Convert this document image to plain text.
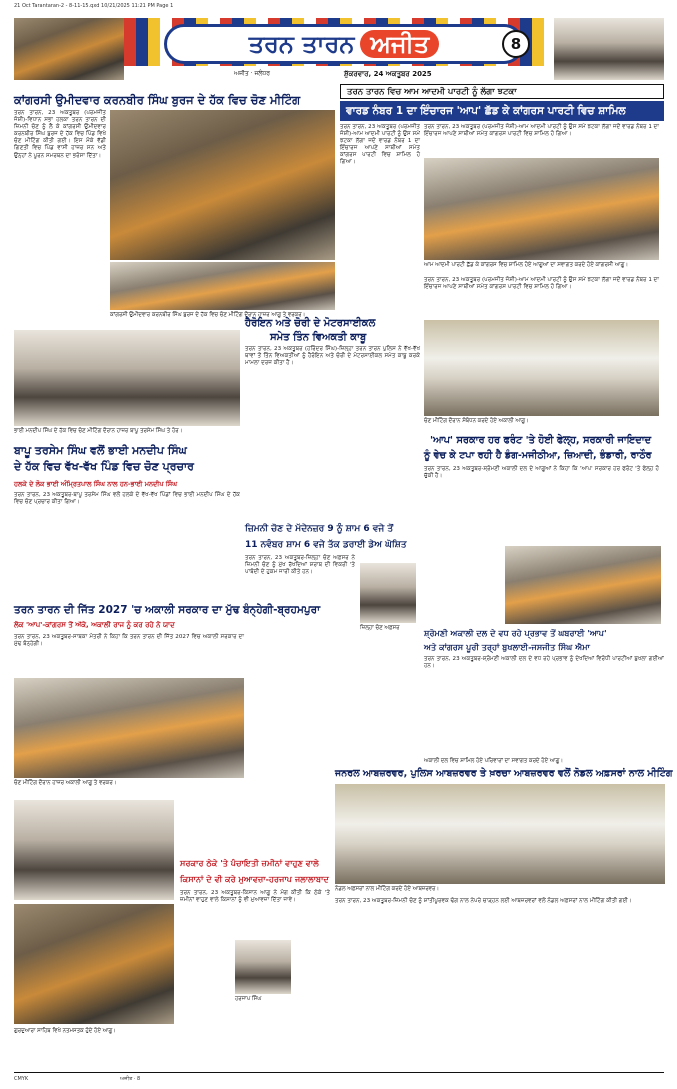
21 Oct Tarantaran-2 - 8-11-15.qxd 10/21/2025 11:21 PM Page 1
ਤਰਨ ਤਾਰਨ ਅਜੀਤ	8
ਅਜੀਤ · ਜਲੰਧਰ	ਸ਼ੁੱਕਰਵਾਰ, 24 ਅਕਤੂਬਰ 2025
ਕਾਂਗਰਸੀ ਉਮੀਦਵਾਰ ਕਰਨਬੀਰ ਸਿੰਘ ਬੁਰਜ ਦੇ ਹੱਕ ਵਿਚ ਚੋਣ ਮੀਟਿੰਗ
ਤਰਨ ਤਾਰਨ, 23 ਅਕਤੂਬਰ (ਪਰਮਜੀਤ ਜੋਸ਼ੀ)-ਵਿਧਾਨ ਸਭਾ ਹਲਕਾ ਤਰਨ ਤਾਰਨ ਦੀ ਜ਼ਿਮਨੀ ਚੋਣ ਨੂੰ ਲੈ ਕੇ ਕਾਂਗਰਸੀ ਉਮੀਦਵਾਰ ਕਰਨਬੀਰ ਸਿੰਘ ਬੁਰਜ ਦੇ ਹੱਕ ਵਿਚ ਪਿੰਡ ਵਿਖੇ ਚੋਣ ਮੀਟਿੰਗ ਕੀਤੀ ਗਈ। ਇਸ ਮੌਕੇ ਵੱਡੀ ਗਿਣਤੀ ਵਿਚ ਪਿੰਡ ਵਾਸੀ ਹਾਜ਼ਰ ਸਨ ਅਤੇ ਉਨ੍ਹਾਂ ਨੇ ਪੂਰਨ ਸਮਰਥਨ ਦਾ ਭਰੋਸਾ ਦਿੱਤਾ।
ਕਾਂਗਰਸੀ ਉਮੀਦਵਾਰ ਕਰਨਬੀਰ ਸਿੰਘ ਬੁਰਜ ਦੇ ਹੱਕ ਵਿਚ ਚੋਣ ਮੀਟਿੰਗ ਦੌਰਾਨ ਹਾਜ਼ਰ ਆਗੂ ਤੇ ਵਰਕਰ।
ਤਰਨ ਤਾਰਨ ਵਿਚ ਆਮ ਆਦਮੀ ਪਾਰਟੀ ਨੂੰ ਲੱਗਾ ਝਟਕਾ
ਵਾਰਡ ਨੰਬਰ 1 ਦਾ ਇੰਚਾਰਜ 'ਆਪ' ਛੱਡ ਕੇ ਕਾਂਗਰਸ ਪਾਰਟੀ ਵਿਚ ਸ਼ਾਮਿਲ
ਤਰਨ ਤਾਰਨ, 23 ਅਕਤੂਬਰ (ਪਰਮਜੀਤ ਜੋਸ਼ੀ)-ਆਮ ਆਦਮੀ ਪਾਰਟੀ ਨੂੰ ਉਸ ਸਮੇਂ ਝਟਕਾ ਲੱਗਾ ਜਦੋਂ ਵਾਰਡ ਨੰਬਰ 1 ਦਾ ਇੰਚਾਰਜ ਆਪਣੇ ਸਾਥੀਆਂ ਸਮੇਤ ਕਾਂਗਰਸ ਪਾਰਟੀ ਵਿਚ ਸ਼ਾਮਿਲ ਹੋ ਗਿਆ।
ਤਰਨ ਤਾਰਨ, 23 ਅਕਤੂਬਰ (ਪਰਮਜੀਤ ਜੋਸ਼ੀ)-ਆਮ ਆਦਮੀ ਪਾਰਟੀ ਨੂੰ ਉਸ ਸਮੇਂ ਝਟਕਾ ਲੱਗਾ ਜਦੋਂ ਵਾਰਡ ਨੰਬਰ 1 ਦਾ ਇੰਚਾਰਜ ਆਪਣੇ ਸਾਥੀਆਂ ਸਮੇਤ ਕਾਂਗਰਸ ਪਾਰਟੀ ਵਿਚ ਸ਼ਾਮਿਲ ਹੋ ਗਿਆ।
ਆਮ ਆਦਮੀ ਪਾਰਟੀ ਛੱਡ ਕੇ ਕਾਂਗਰਸ ਵਿਚ ਸ਼ਾਮਿਲ ਹੋਏ ਆਗੂਆਂ ਦਾ ਸਵਾਗਤ ਕਰਦੇ ਹੋਏ ਕਾਂਗਰਸੀ ਆਗੂ।
ਤਰਨ ਤਾਰਨ, 23 ਅਕਤੂਬਰ (ਪਰਮਜੀਤ ਜੋਸ਼ੀ)-ਆਮ ਆਦਮੀ ਪਾਰਟੀ ਨੂੰ ਉਸ ਸਮੇਂ ਝਟਕਾ ਲੱਗਾ ਜਦੋਂ ਵਾਰਡ ਨੰਬਰ 1 ਦਾ ਇੰਚਾਰਜ ਆਪਣੇ ਸਾਥੀਆਂ ਸਮੇਤ ਕਾਂਗਰਸ ਪਾਰਟੀ ਵਿਚ ਸ਼ਾਮਿਲ ਹੋ ਗਿਆ।
ਹੈਰੋਇਨ ਅਤੇ ਚੋਰੀ ਦੇ ਮੋਟਰਸਾਈਕਲ
ਸਮੇਤ ਤਿੰਨ ਵਿਅਕਤੀ ਕਾਬੂ
ਤਰਨ ਤਾਰਨ, 23 ਅਕਤੂਬਰ (ਹਰਿੰਦਰ ਸਿੰਘ)-ਜ਼ਿਲ੍ਹਾ ਤਰਨ ਤਾਰਨ ਪੁਲਿਸ ਨੇ ਵੱਖ-ਵੱਖ ਥਾਵਾਂ ਤੋਂ ਤਿੰਨ ਵਿਅਕਤੀਆਂ ਨੂੰ ਹੈਰੋਇਨ ਅਤੇ ਚੋਰੀ ਦੇ ਮੋਟਰਸਾਈਕਲ ਸਮੇਤ ਕਾਬੂ ਕਰਕੇ ਮਾਮਲਾ ਦਰਜ ਕੀਤਾ ਹੈ।
ਭਾਈ ਮਨਦੀਪ ਸਿੰਘ ਦੇ ਹੱਕ ਵਿਚ ਚੋਣ ਮੀਟਿੰਗ ਦੌਰਾਨ ਹਾਜ਼ਰ ਬਾਪੂ ਤਰਸੇਮ ਸਿੰਘ ਤੇ ਹੋਰ।
ਬਾਪੂ ਤਰਸੇਮ ਸਿੰਘ ਵਲੋਂ ਭਾਈ ਮਨਦੀਪ ਸਿੰਘ
ਦੇ ਹੱਕ ਵਿਚ ਵੱਖ-ਵੱਖ ਪਿੰਡ ਵਿਚ ਚੋਣ ਪ੍ਰਚਾਰ
ਹਲਕੇ ਦੇ ਲੋਕ ਭਾਈ ਅੰਮ੍ਰਿਤਪਾਲ ਸਿੰਘ ਨਾਲ ਹਨ-ਭਾਈ ਮਨਦੀਪ ਸਿੰਘ
ਤਰਨ ਤਾਰਨ, 23 ਅਕਤੂਬਰ-ਬਾਪੂ ਤਰਸੇਮ ਸਿੰਘ ਵਲੋਂ ਹਲਕੇ ਦੇ ਵੱਖ-ਵੱਖ ਪਿੰਡਾਂ ਵਿਚ ਭਾਈ ਮਨਦੀਪ ਸਿੰਘ ਦੇ ਹੱਕ ਵਿਚ ਚੋਣ ਪ੍ਰਚਾਰ ਕੀਤਾ ਗਿਆ।
ਚੋਣ ਮੀਟਿੰਗ ਦੌਰਾਨ ਸੰਬੋਧਨ ਕਰਦੇ ਹੋਏ ਅਕਾਲੀ ਆਗੂ।
'ਆਪ' ਸਰਕਾਰ ਹਰ ਫਰੰਟ 'ਤੇ ਹੋਈ ਫੇਲ੍ਹ, ਸਰਕਾਰੀ ਜਾਇਦਾਦ
ਨੂੰ ਵੇਚ ਕੇ ਟਪਾ ਰਹੀ ਹੈ ਡੰਗ-ਮਜੀਠੀਆ, ਜ਼ਿਆਦੀ, ਭੰਡਾਰੀ, ਰਾਠੌਰ
ਤਰਨ ਤਾਰਨ, 23 ਅਕਤੂਬਰ-ਸ਼੍ਰੋਮਣੀ ਅਕਾਲੀ ਦਲ ਦੇ ਆਗੂਆਂ ਨੇ ਕਿਹਾ ਕਿ 'ਆਪ' ਸਰਕਾਰ ਹਰ ਫਰੰਟ 'ਤੇ ਫੇਲ੍ਹ ਹੋ ਚੁੱਕੀ ਹੈ।
ਜ਼ਿਮਨੀ ਚੋਣ ਦੇ ਮੱਦੇਨਜ਼ਰ 9 ਨੂੰ ਸ਼ਾਮ 6 ਵਜੇ ਤੋਂ
11 ਨਵੰਬਰ ਸ਼ਾਮ 6 ਵਜੇ ਤੱਕ ਡਰਾਈ ਡੇਅ ਘੋਸ਼ਿਤ
ਤਰਨ ਤਾਰਨ, 23 ਅਕਤੂਬਰ-ਜ਼ਿਲ੍ਹਾ ਚੋਣ ਅਫ਼ਸਰ ਨੇ ਜ਼ਿਮਨੀ ਚੋਣ ਨੂੰ ਮੁੱਖ ਰੱਖਦਿਆਂ ਸ਼ਰਾਬ ਦੀ ਵਿਕਰੀ 'ਤੇ ਪਾਬੰਦੀ ਦੇ ਹੁਕਮ ਜਾਰੀ ਕੀਤੇ ਹਨ।
ਜ਼ਿਲ੍ਹਾ ਚੋਣ ਅਫ਼ਸਰ
ਤਰਨ ਤਾਰਨ ਦੀ ਜਿੱਤ 2027 'ਚ ਅਕਾਲੀ ਸਰਕਾਰ ਦਾ ਮੁੱਢ ਬੰਨ੍ਹੇਗੀ-ਬ੍ਰਹਮਪੁਰਾ
ਲੋਕ 'ਆਪ'-ਕਾਂਗਰਸ ਤੋਂ ਅੱਕੇ, ਅਕਾਲੀ ਰਾਜ ਨੂੰ ਕਰ ਰਹੇ ਨੇ ਯਾਦ
ਤਰਨ ਤਾਰਨ, 23 ਅਕਤੂਬਰ-ਸਾਬਕਾ ਮੰਤਰੀ ਨੇ ਕਿਹਾ ਕਿ ਤਰਨ ਤਾਰਨ ਦੀ ਜਿੱਤ 2027 ਵਿਚ ਅਕਾਲੀ ਸਰਕਾਰ ਦਾ ਮੁੱਢ ਬੰਨ੍ਹੇਗੀ।
ਚੋਣ ਮੀਟਿੰਗ ਦੌਰਾਨ ਹਾਜ਼ਰ ਅਕਾਲੀ ਆਗੂ ਤੇ ਵਰਕਰ।
ਸ਼੍ਰੋਮਣੀ ਅਕਾਲੀ ਦਲ ਦੇ ਵਧ ਰਹੇ ਪ੍ਰਭਾਵ ਤੋਂ ਘਬਰਾਈ 'ਆਪ'
ਅਤੇ ਕਾਂਗਰਸ ਪੂਰੀ ਤਰ੍ਹਾਂ ਬੁਖਲਾਈ-ਜਸਜੀਤ ਸਿੰਘ ਐਮਾ
ਤਰਨ ਤਾਰਨ, 23 ਅਕਤੂਬਰ-ਸ਼੍ਰੋਮਣੀ ਅਕਾਲੀ ਦਲ ਦੇ ਵਧ ਰਹੇ ਪ੍ਰਭਾਵ ਨੂੰ ਦੇਖਦਿਆਂ ਵਿਰੋਧੀ ਪਾਰਟੀਆਂ ਬੁਖਲਾ ਗਈਆਂ ਹਨ।
ਅਕਾਲੀ ਦਲ ਵਿਚ ਸ਼ਾਮਿਲ ਹੋਏ ਪਰਿਵਾਰਾਂ ਦਾ ਸਵਾਗਤ ਕਰਦੇ ਹੋਏ ਆਗੂ।
ਜਨਰਲ ਆਬਜ਼ਰਵਰ, ਪੁਲਿਸ ਆਬਜ਼ਰਵਰ ਤੇ ਖ਼ਰਚਾ ਆਬਜ਼ਰਵਰ ਵਲੋਂ ਨੋਡਲ ਅਫ਼ਸਰਾਂ ਨਾਲ ਮੀਟਿੰਗ
ਨੋਡਲ ਅਫ਼ਸਰਾਂ ਨਾਲ ਮੀਟਿੰਗ ਕਰਦੇ ਹੋਏ ਆਬਜ਼ਰਵਰ।
ਤਰਨ ਤਾਰਨ, 23 ਅਕਤੂਬਰ-ਜ਼ਿਮਨੀ ਚੋਣ ਨੂੰ ਸ਼ਾਂਤੀਪੂਰਵਕ ਢੰਗ ਨਾਲ ਨੇਪਰੇ ਚਾੜ੍ਹਨ ਲਈ ਆਬਜ਼ਰਵਰਾਂ ਵਲੋਂ ਨੋਡਲ ਅਫ਼ਸਰਾਂ ਨਾਲ ਮੀਟਿੰਗ ਕੀਤੀ ਗਈ।
ਗੁਰਦੁਆਰਾ ਸਾਹਿਬ ਵਿਖੇ ਨਤਮਸਤਕ ਹੁੰਦੇ ਹੋਏ ਆਗੂ।
ਸਰਕਾਰ ਠੇਕੇ 'ਤੇ ਪੰਚਾਇਤੀ ਜ਼ਮੀਨਾਂ ਵਾਹੁਣ ਵਾਲੇ
ਕਿਸਾਨਾਂ ਦੇ ਵੀ ਕਰੇ ਮੁਆਵਜ਼ਾ-ਹਰਜਾਪ ਜਲਾਲਾਬਾਦ
ਤਰਨ ਤਾਰਨ, 23 ਅਕਤੂਬਰ-ਕਿਸਾਨ ਆਗੂ ਨੇ ਮੰਗ ਕੀਤੀ ਕਿ ਠੇਕੇ 'ਤੇ ਜ਼ਮੀਨਾਂ ਵਾਹੁਣ ਵਾਲੇ ਕਿਸਾਨਾਂ ਨੂੰ ਵੀ ਮੁਆਵਜ਼ਾ ਦਿੱਤਾ ਜਾਵੇ।
ਹਰਜਾਪ ਸਿੰਘ
CMYK	ਅਜੀਤ · 8
